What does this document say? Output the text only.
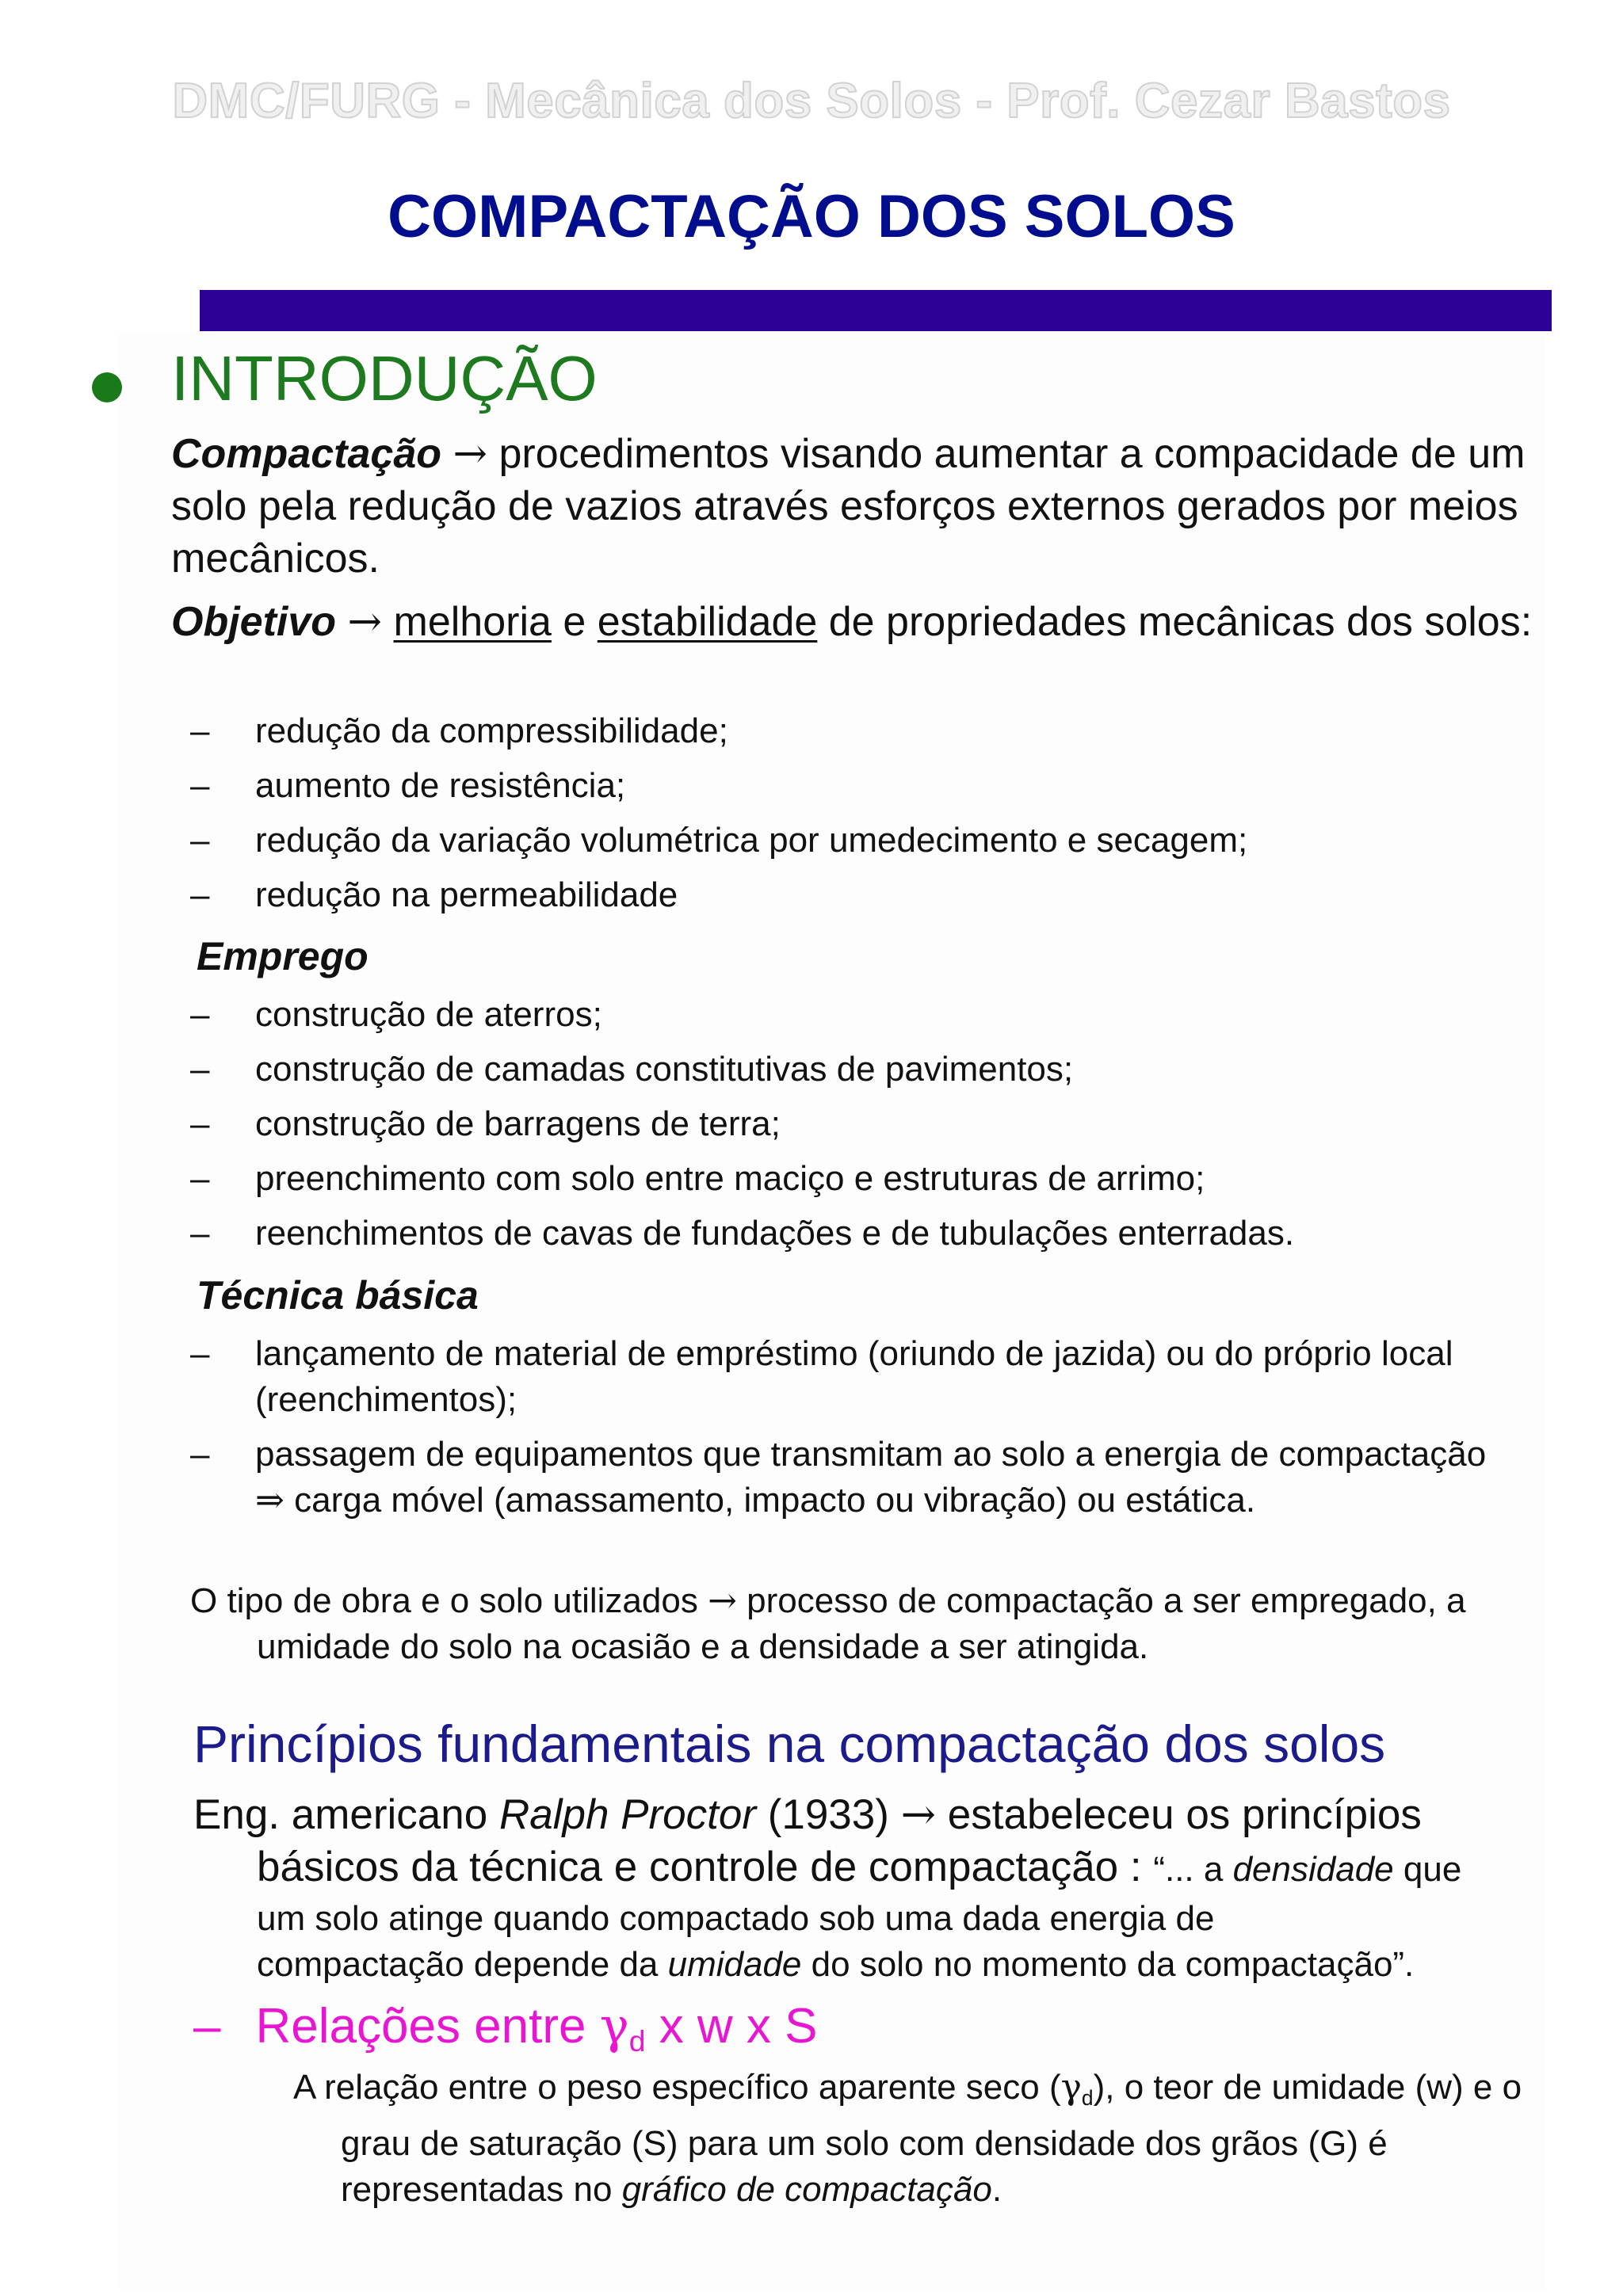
DMC/FURG - Mecânica dos Solos - Prof. Cezar Bastos
COMPACTAÇÃO DOS SOLOS
INTRODUÇÃO
Compactação → procedimentos visando aumentar a compacidade de um solo pela redução de vazios através esforços externos gerados por meios mecânicos.
Objetivo → melhoria e estabilidade de propriedades mecânicas dos solos:
– redução da compressibilidade;
– aumento de resistência;
– redução da variação volumétrica por umedecimento e secagem;
– redução na permeabilidade
Emprego
– construção de aterros;
– construção de camadas constitutivas de pavimentos;
– construção de barragens de terra;
– preenchimento com solo entre maciço e estruturas de arrimo;
– reenchimentos de cavas de fundações e de tubulações enterradas.
Técnica básica
– lançamento de material de empréstimo (oriundo de jazida) ou do próprio local (reenchimentos);
– passagem de equipamentos que transmitam ao solo a energia de compactação ⇒ carga móvel (amassamento, impacto ou vibração) ou estática.
O tipo de obra e o solo utilizados → processo de compactação a ser empregado, a umidade do solo na ocasião e a densidade a ser atingida.
Princípios fundamentais na compactação dos solos
Eng. americano Ralph Proctor (1933) → estabeleceu os princípios
básicos da técnica e controle de compactação : “... a densidade que
um solo atinge quando compactado sob uma dada energia de
compactação depende da umidade do solo no momento da compactação”.
– Relações entre $\gamma_d$ x w x S
A relação entre o peso específico aparente seco $(\gamma_d)$, o teor de umidade (w) e o grau de saturação (S) para um solo com densidade dos grãos (G) é representadas no gráfico de compactação.
